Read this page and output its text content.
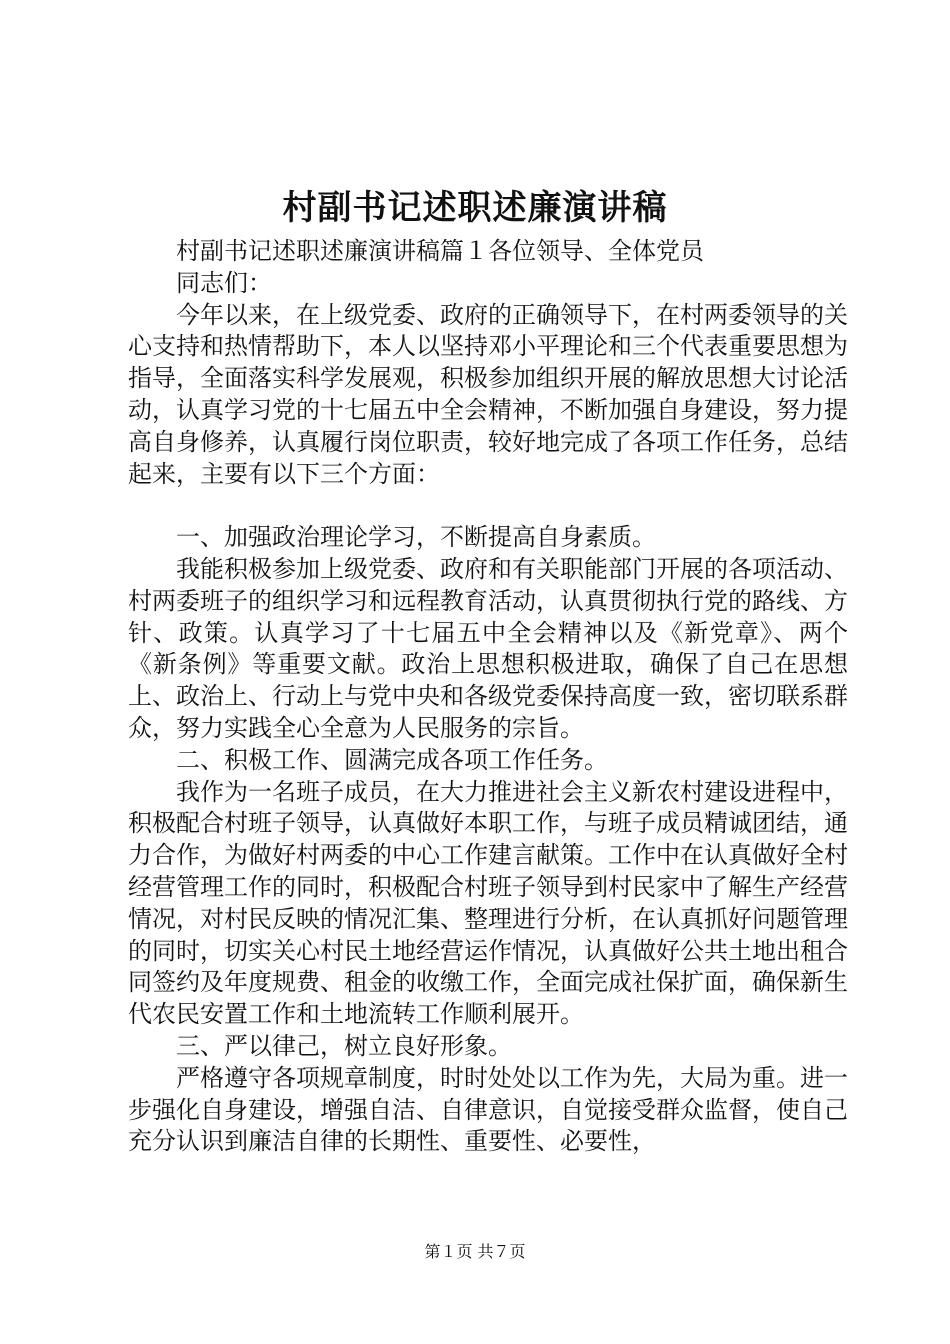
村副书记述职述廉演讲稿

村副书记述职述廉演讲稿篇１各位领导、全体党员

同志们：

今年以来，在上级党委、政府的正确领导下，在村两委领导的关心支持和热情帮助下，本人以坚持邓小平理论和三个代表重要思想为指导，全面落实科学发展观，积极参加组织开展的解放思想大讨论活动，认真学习党的十七届五中全会精神，不断加强自身建设，努力提高自身修养，认真履行岗位职责，较好地完成了各项工作任务，总结起来，主要有以下三个方面：

一、加强政治理论学习，不断提高自身素质。

我能积极参加上级党委、政府和有关职能部门开展的各项活动、村两委班子的组织学习和远程教育活动，认真贯彻执行党的路线、方针、政策。认真学习了十七届五中全会精神以及《新党章》、两个《新条例》等重要文献。政治上思想积极进取，确保了自己在思想上、政治上、行动上与党中央和各级党委保持高度一致，密切联系群众，努力实践全心全意为人民服务的宗旨。

二、积极工作、圆满完成各项工作任务。

我作为一名班子成员，在大力推进社会主义新农村建设进程中，积极配合村班子领导，认真做好本职工作，与班子成员精诚团结，通力合作，为做好村两委的中心工作建言献策。工作中在认真做好全村经营管理工作的同时，积极配合村班子领导到村民家中了解生产经营情况，对村民反映的情况汇集、整理进行分析，在认真抓好问题管理的同时，切实关心村民土地经营运作情况，认真做好公共土地出租合同签约及年度规费、租金的收缴工作，全面完成社保扩面，确保新生代农民安置工作和土地流转工作顺利展开。

三、严以律己，树立良好形象。

严格遵守各项规章制度，时时处处以工作为先，大局为重。进一步强化自身建设，增强自洁、自律意识，自觉接受群众监督，使自己充分认识到廉洁自律的长期性、重要性、必要性，

第１页 共７页
